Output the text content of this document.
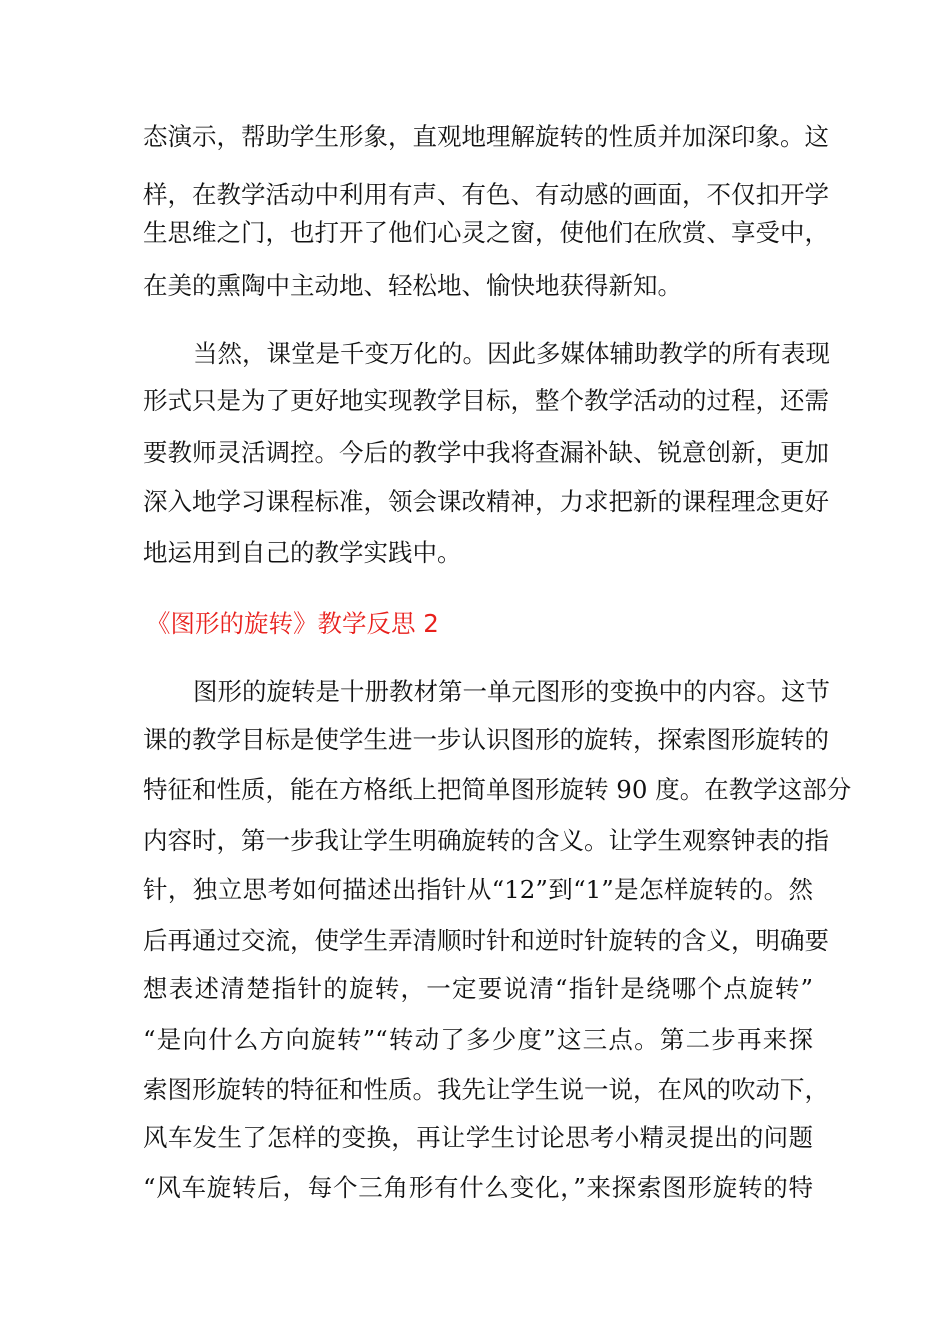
态演示，帮助学生形象，直观地理解旋转的性质并加深印象。这
样，在教学活动中利用有声、有色、有动感的画面，不仅扣开学
生思维之门，也打开了他们心灵之窗，使他们在欣赏、享受中，
在美的熏陶中主动地、轻松地、愉快地获得新知。
当然，课堂是千变万化的。因此多媒体辅助教学的所有表现
形式只是为了更好地实现教学目标，整个教学活动的过程，还需
要教师灵活调控。今后的教学中我将查漏补缺、锐意创新，更加
深入地学习课程标准，领会课改精神，力求把新的课程理念更好
地运用到自己的教学实践中。
《图形的旋转》教学反思 2
图形的旋转是十册教材第一单元图形的变换中的内容。这节
课的教学目标是使学生进一步认识图形的旋转，探索图形旋转的
特征和性质，能在方格纸上把简单图形旋转 90 度。在教学这部分
内容时，第一步我让学生明确旋转的含义。让学生观察钟表的指
针，独立思考如何描述出指针从“12”到“1”是怎样旋转的。然
后再通过交流，使学生弄清顺时针和逆时针旋转的含义，明确要
想表述清楚指针的旋转，一定要说清“指针是绕哪个点旋转”
“是向什么方向旋转”“转动了多少度”这三点。第二步再来探
索图形旋转的特征和性质。我先让学生说一说，在风的吹动下，
风车发生了怎样的变换，再让学生讨论思考小精灵提出的问题
“风车旋转后，每个三角形有什么变化，”来探索图形旋转的特
